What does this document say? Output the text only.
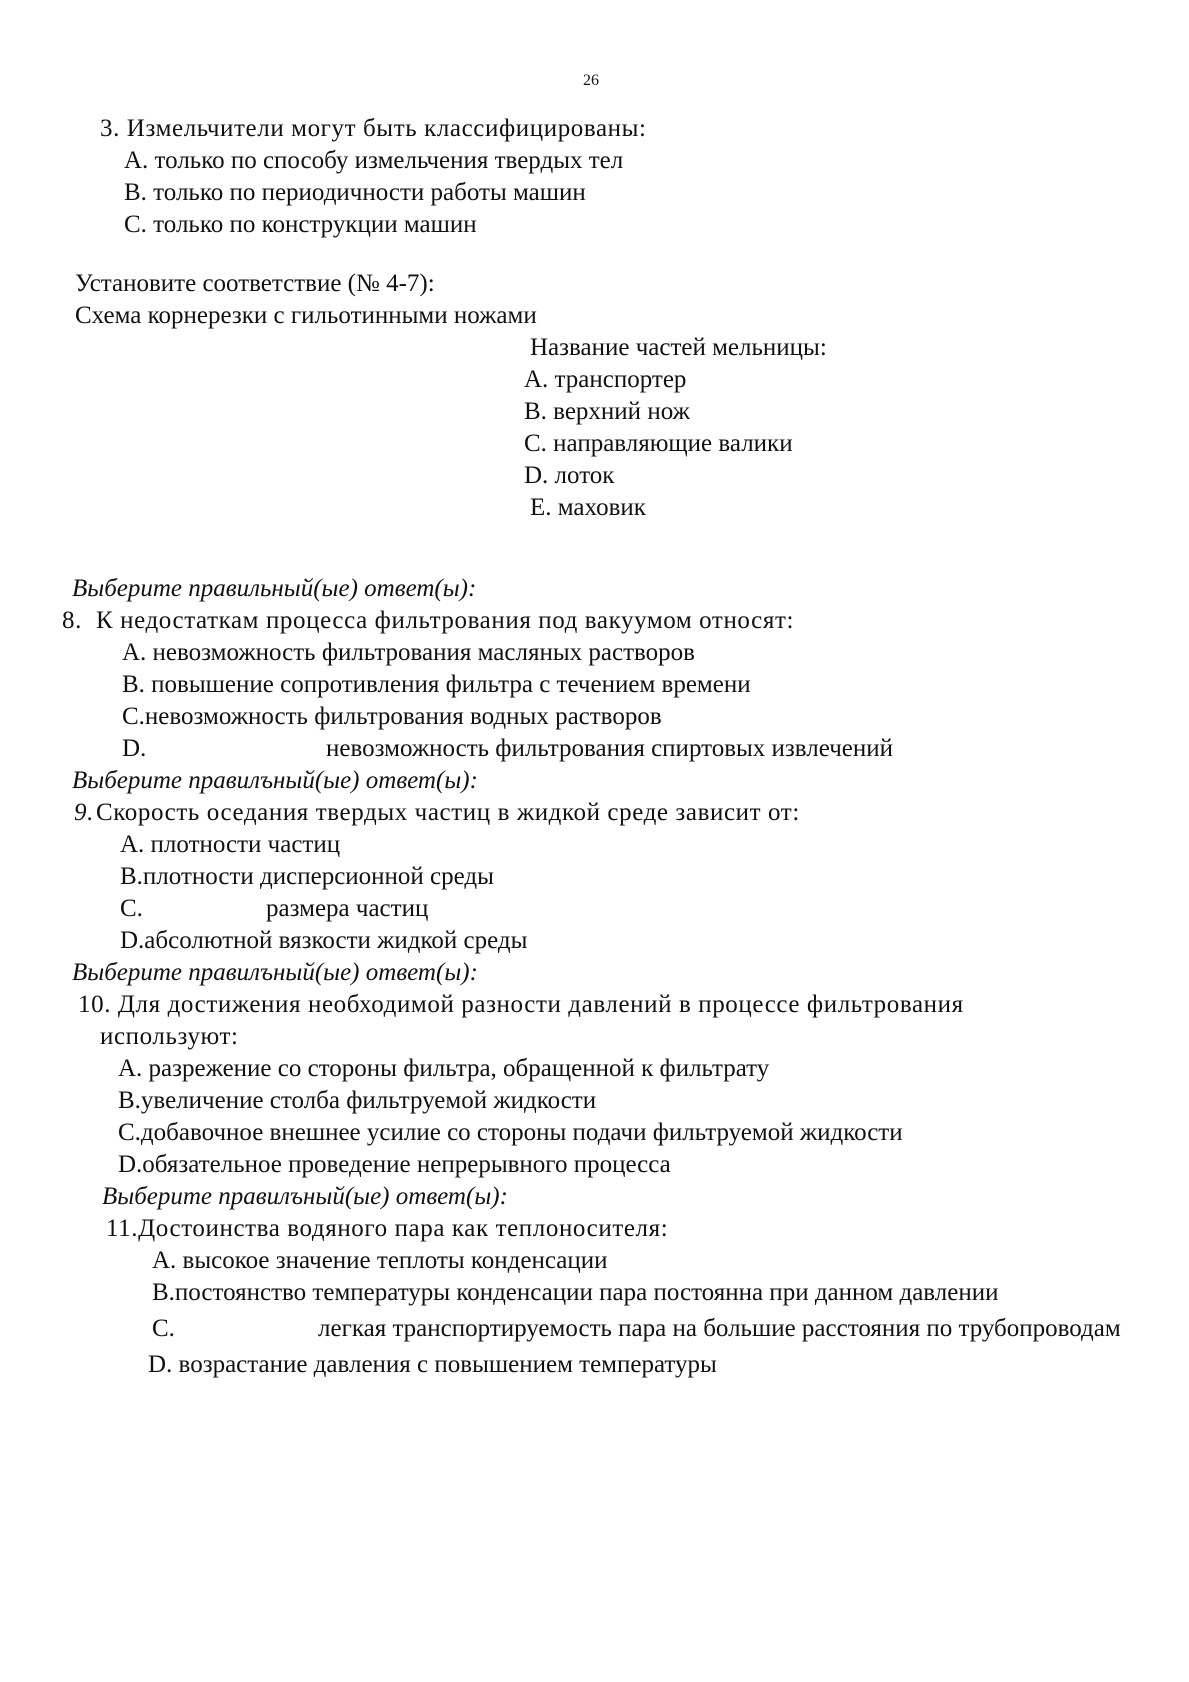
26
3. Измельчители могут быть классифицированы:
А. только по способу измельчения твердых тел
В. только по периодичности работы машин
С. только по конструкции машин
Установите соответствие (№ 4-7):
Схема корнерезки с гильотинными ножами
Название частей мельницы:
А. транспортер
В. верхний нож
С. направляющие валики
D. лоток
Е. маховик
Выберите правильный(ые) ответ(ы):
8. К недостаткам процесса фильтрования под вакуумом относят:
А. невозможность фильтрования масляных растворов
В. повышение сопротивления фильтра с течением времени
С.невозможность фильтрования водных растворов
D.	невозможность фильтрования спиртовых извлечений
Выберите правилъный(ые) ответ(ы):
9. Скорость оседания твердых частиц в жидкой среде зависит от:
А. плотности частиц
В.плотности дисперсионной среды
С.	размера частиц
D.абсолютной вязкости жидкой среды
Выберите правилъный(ые) ответ(ы):
10. Для достижения необходимой разности давлений в процессе фильтрования
используют:
А. разрежение со стороны фильтра, обращенной к фильтрату
В.увеличение столба фильтруемой жидкости
С.добавочное внешнее усилие со стороны подачи фильтруемой жидкости
D.обязательное проведение непрерывного процесса
Выберите правилъный(ые) ответ(ы):
11.Достоинства водяного пара как теплоносителя:
А. высокое значение теплоты конденсации
В.постоянство температуры конденсации пара постоянна при данном давлении
С.	легкая транспортируемость пара на большие расстояния по трубопроводам
D. возрастание давления с повышением температуры
